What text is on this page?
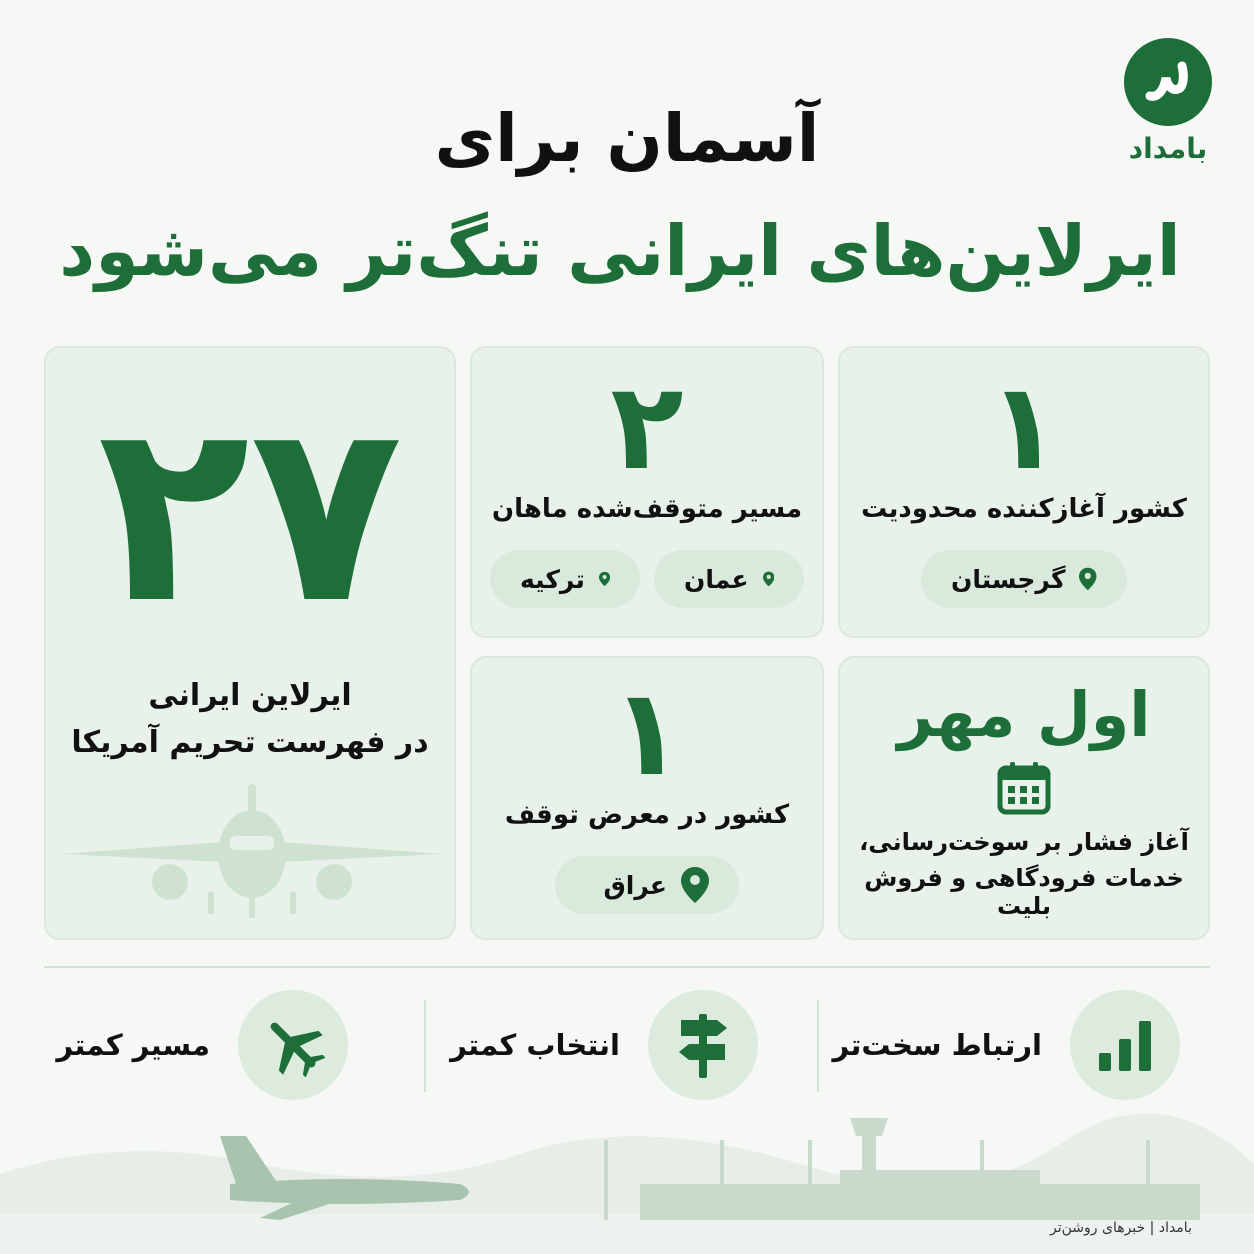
بامداد
آسمان برای
ایرلاین‌های ایرانی تنگ‌تر می‌شود
۲۷
ایرلاین ایرانی
در فهرست تحریم آمریکا
۲
مسیر متوقف‌شده ماهان
عمان
ترکیه
۱
کشور آغازکننده محدودیت
گرجستان
۱
کشور در معرض توقف
عراق
اول مهر
آغاز فشار بر سوخت‌رسانی،
خدمات فرودگاهی و فروش بلیت
ارتباط سخت‌تر
انتخاب کمتر
مسیر کمتر
بامداد | خبرهای روشن‌تر
